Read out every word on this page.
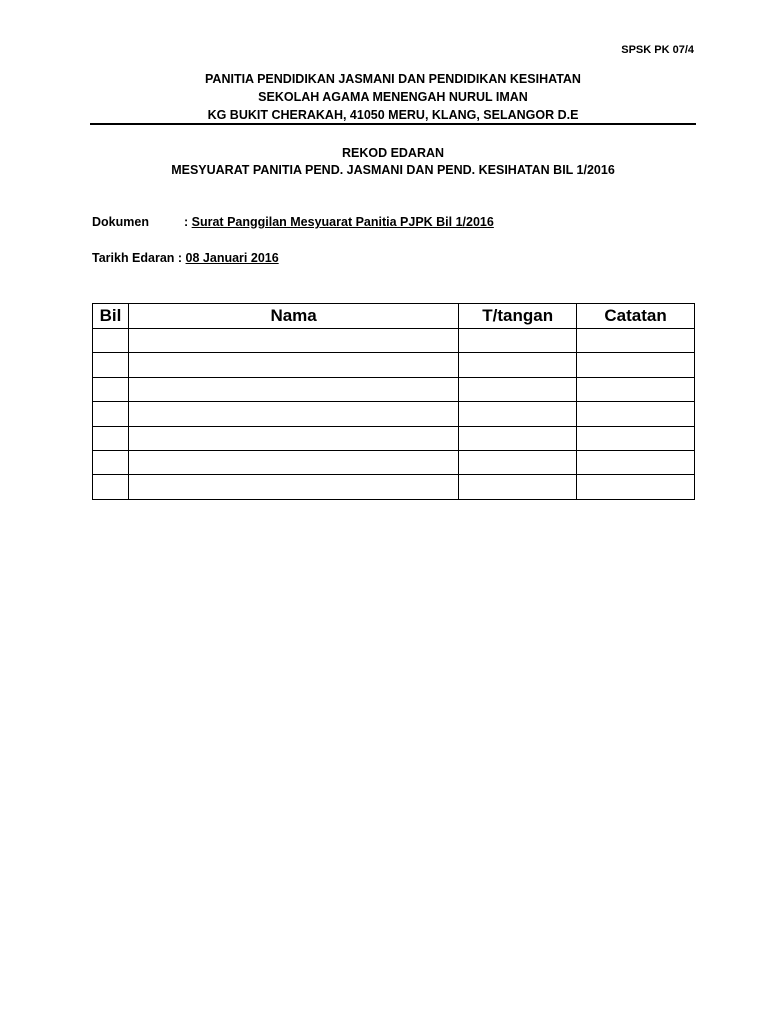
SPSK PK 07/4
PANITIA PENDIDIKAN JASMANI DAN PENDIDIKAN KESIHATAN
SEKOLAH AGAMA MENENGAH NURUL IMAN
KG BUKIT CHERAKAH, 41050 MERU, KLANG, SELANGOR D.E
REKOD EDARAN
MESYUARAT PANITIA PEND. JASMANI DAN PEND. KESIHATAN BIL 1/2016
Dokumen	: Surat Panggilan Mesyuarat Panitia PJPK Bil 1/2016
Tarikh Edaran : 08 Januari 2016
Bil	Nama	T/tangan	Catatan
